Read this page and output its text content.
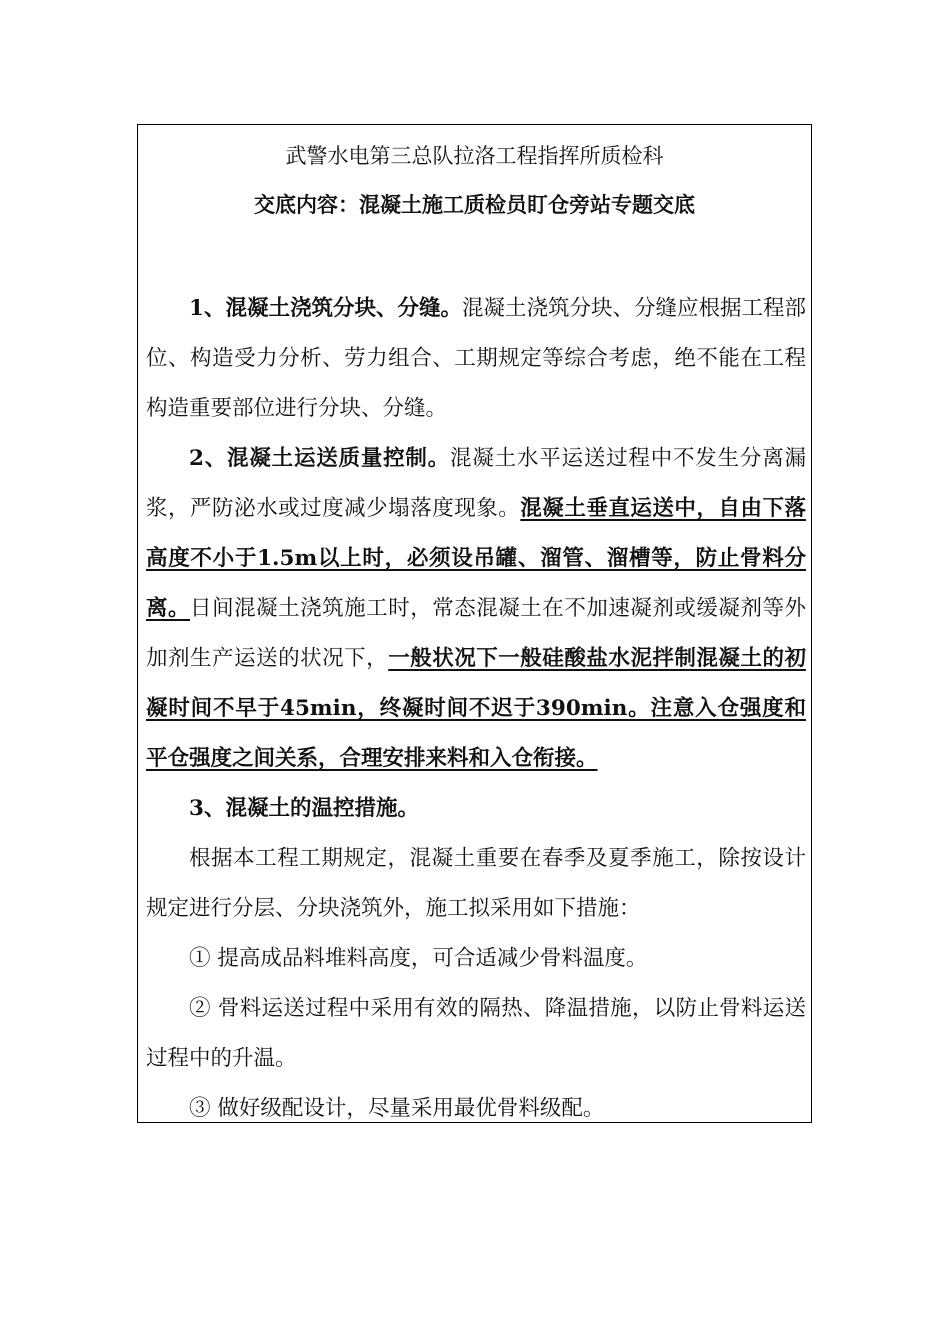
武警水电第三总队拉洛工程指挥所质检科
交底内容：混凝土施工质检员盯仓旁站专题交底

1、混凝土浇筑分块、分缝。混凝土浇筑分块、分缝应根据工程部位、构造受力分析、劳力组合、工期规定等综合考虑，绝不能在工程构造重要部位进行分块、分缝。

2、混凝土运送质量控制。混凝土水平运送过程中不发生分离漏浆，严防泌水或过度减少塌落度现象。混凝土垂直运送中，自由下落高度不小于1.5m以上时，必须设吊罐、溜管、溜槽等，防止骨料分离。日间混凝土浇筑施工时，常态混凝土在不加速凝剂或缓凝剂等外加剂生产运送的状况下，一般状况下一般硅酸盐水泥拌制混凝土的初凝时间不早于45min，终凝时间不迟于390min。注意入仓强度和平仓强度之间关系，合理安排来料和入仓衔接。

3、混凝土的温控措施。

根据本工程工期规定，混凝土重要在春季及夏季施工，除按设计规定进行分层、分块浇筑外，施工拟采用如下措施：

① 提高成品料堆料高度，可合适减少骨料温度。

② 骨料运送过程中采用有效的隔热、降温措施，以防止骨料运送过程中的升温。

③ 做好级配设计，尽量采用最优骨料级配。
